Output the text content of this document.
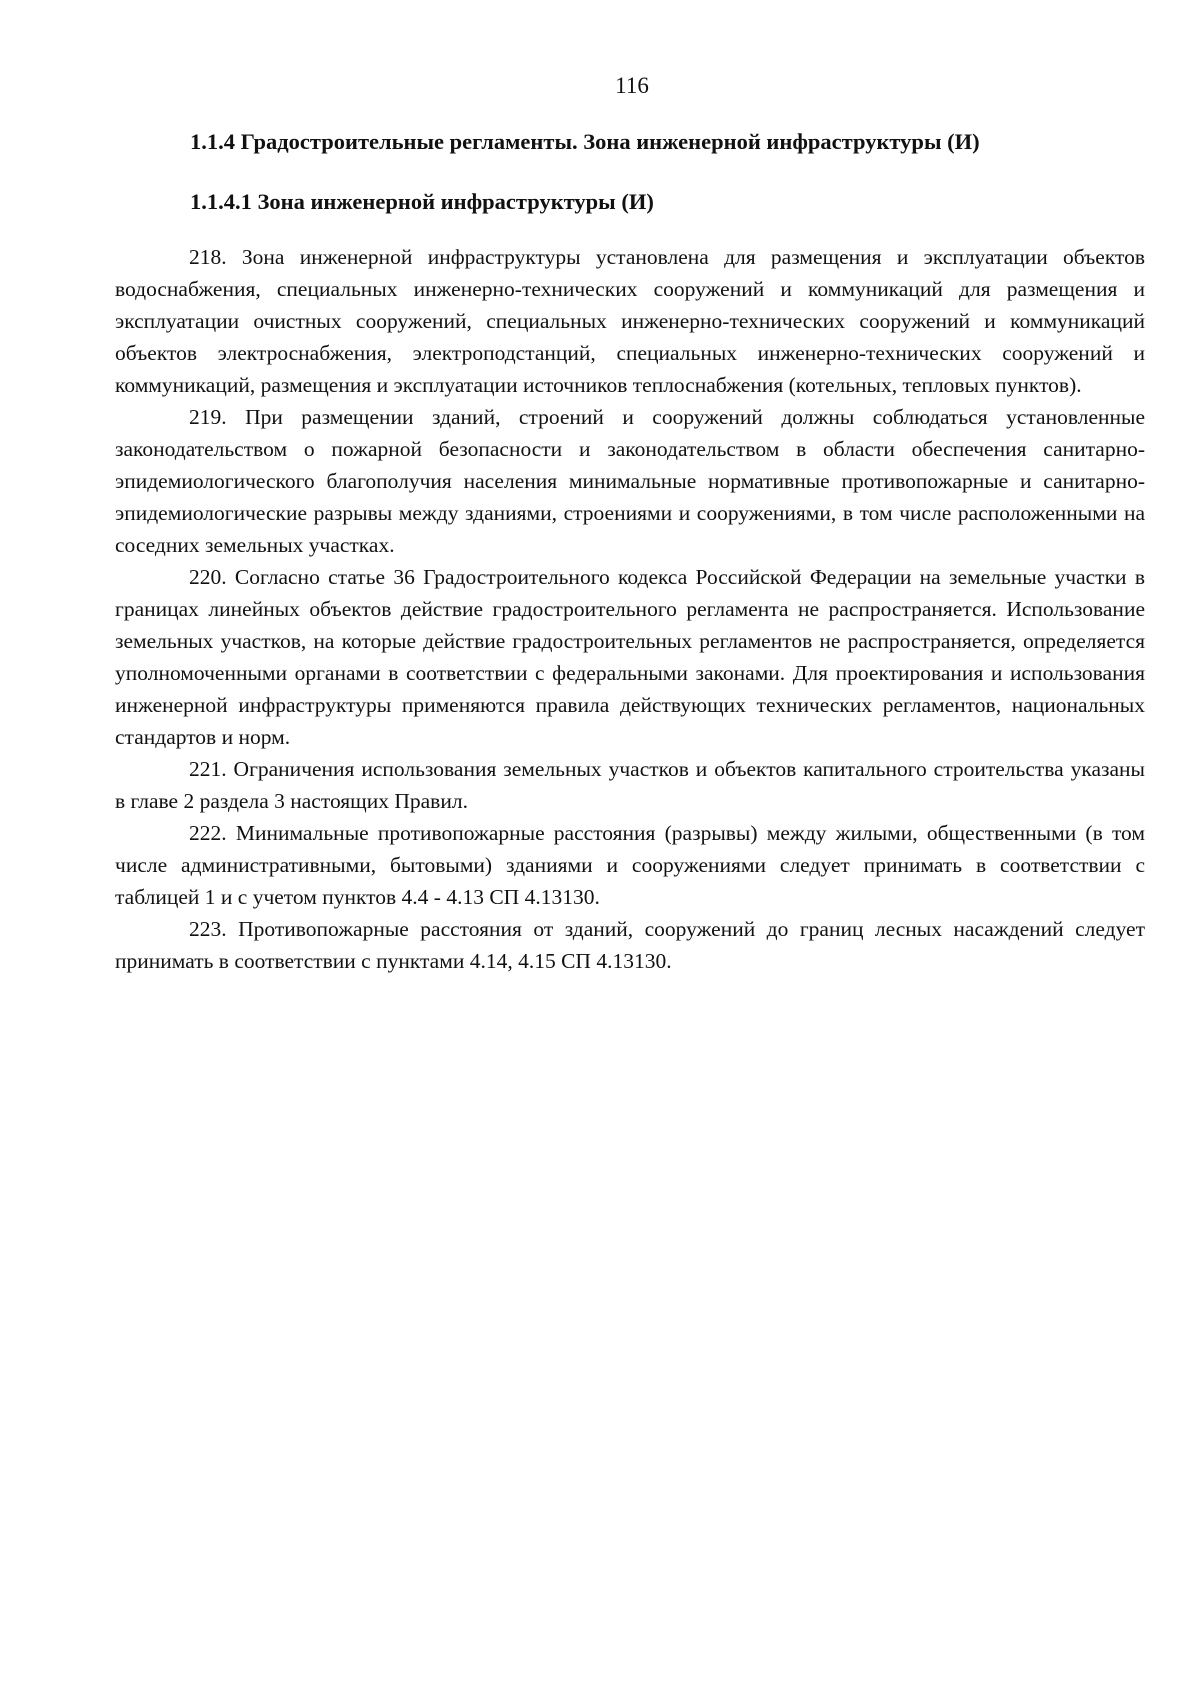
116
1.1.4 Градостроительные регламенты. Зона инженерной инфраструктуры (И)
1.1.4.1 Зона инженерной инфраструктуры (И)

218. Зона инженерной инфраструктуры установлена для размещения и эксплуатации объектов водоснабжения, специальных инженерно-технических сооружений и коммуникаций для размещения и эксплуатации очистных сооружений, специальных инженерно-технических сооружений и коммуникаций объектов электроснабжения, электроподстанций, специальных инженерно-технических сооружений и коммуникаций, размещения и эксплуатации источников теплоснабжения (котельных, тепловых пунктов).

219. При размещении зданий, строений и сооружений должны соблюдаться установленные законодательством о пожарной безопасности и законодательством в области обеспечения санитарно-эпидемиологического благополучия населения минимальные нормативные противопожарные и санитарно-эпидемиологические разрывы между зданиями, строениями и сооружениями, в том числе расположенными на соседних земельных участках.

220. Согласно статье 36 Градостроительного кодекса Российской Федерации на земельные участки в границах линейных объектов действие градостроительного регламента не распространяется. Использование земельных участков, на которые действие градостроительных регламентов не распространяется, определяется уполномоченными органами в соответствии с федеральными законами. Для проектирования и использования инженерной инфраструктуры применяются правила действующих технических регламентов, национальных стандартов и норм.

221. Ограничения использования земельных участков и объектов капитального строительства указаны в главе 2 раздела 3 настоящих Правил.

222. Минимальные противопожарные расстояния (разрывы) между жилыми, общественными (в том числе административными, бытовыми) зданиями и сооружениями следует принимать в соответствии с таблицей 1 и с учетом пунктов 4.4 - 4.13 СП 4.13130.

223. Противопожарные расстояния от зданий, сооружений до границ лесных насаждений следует принимать в соответствии с пунктами 4.14, 4.15 СП 4.13130.
